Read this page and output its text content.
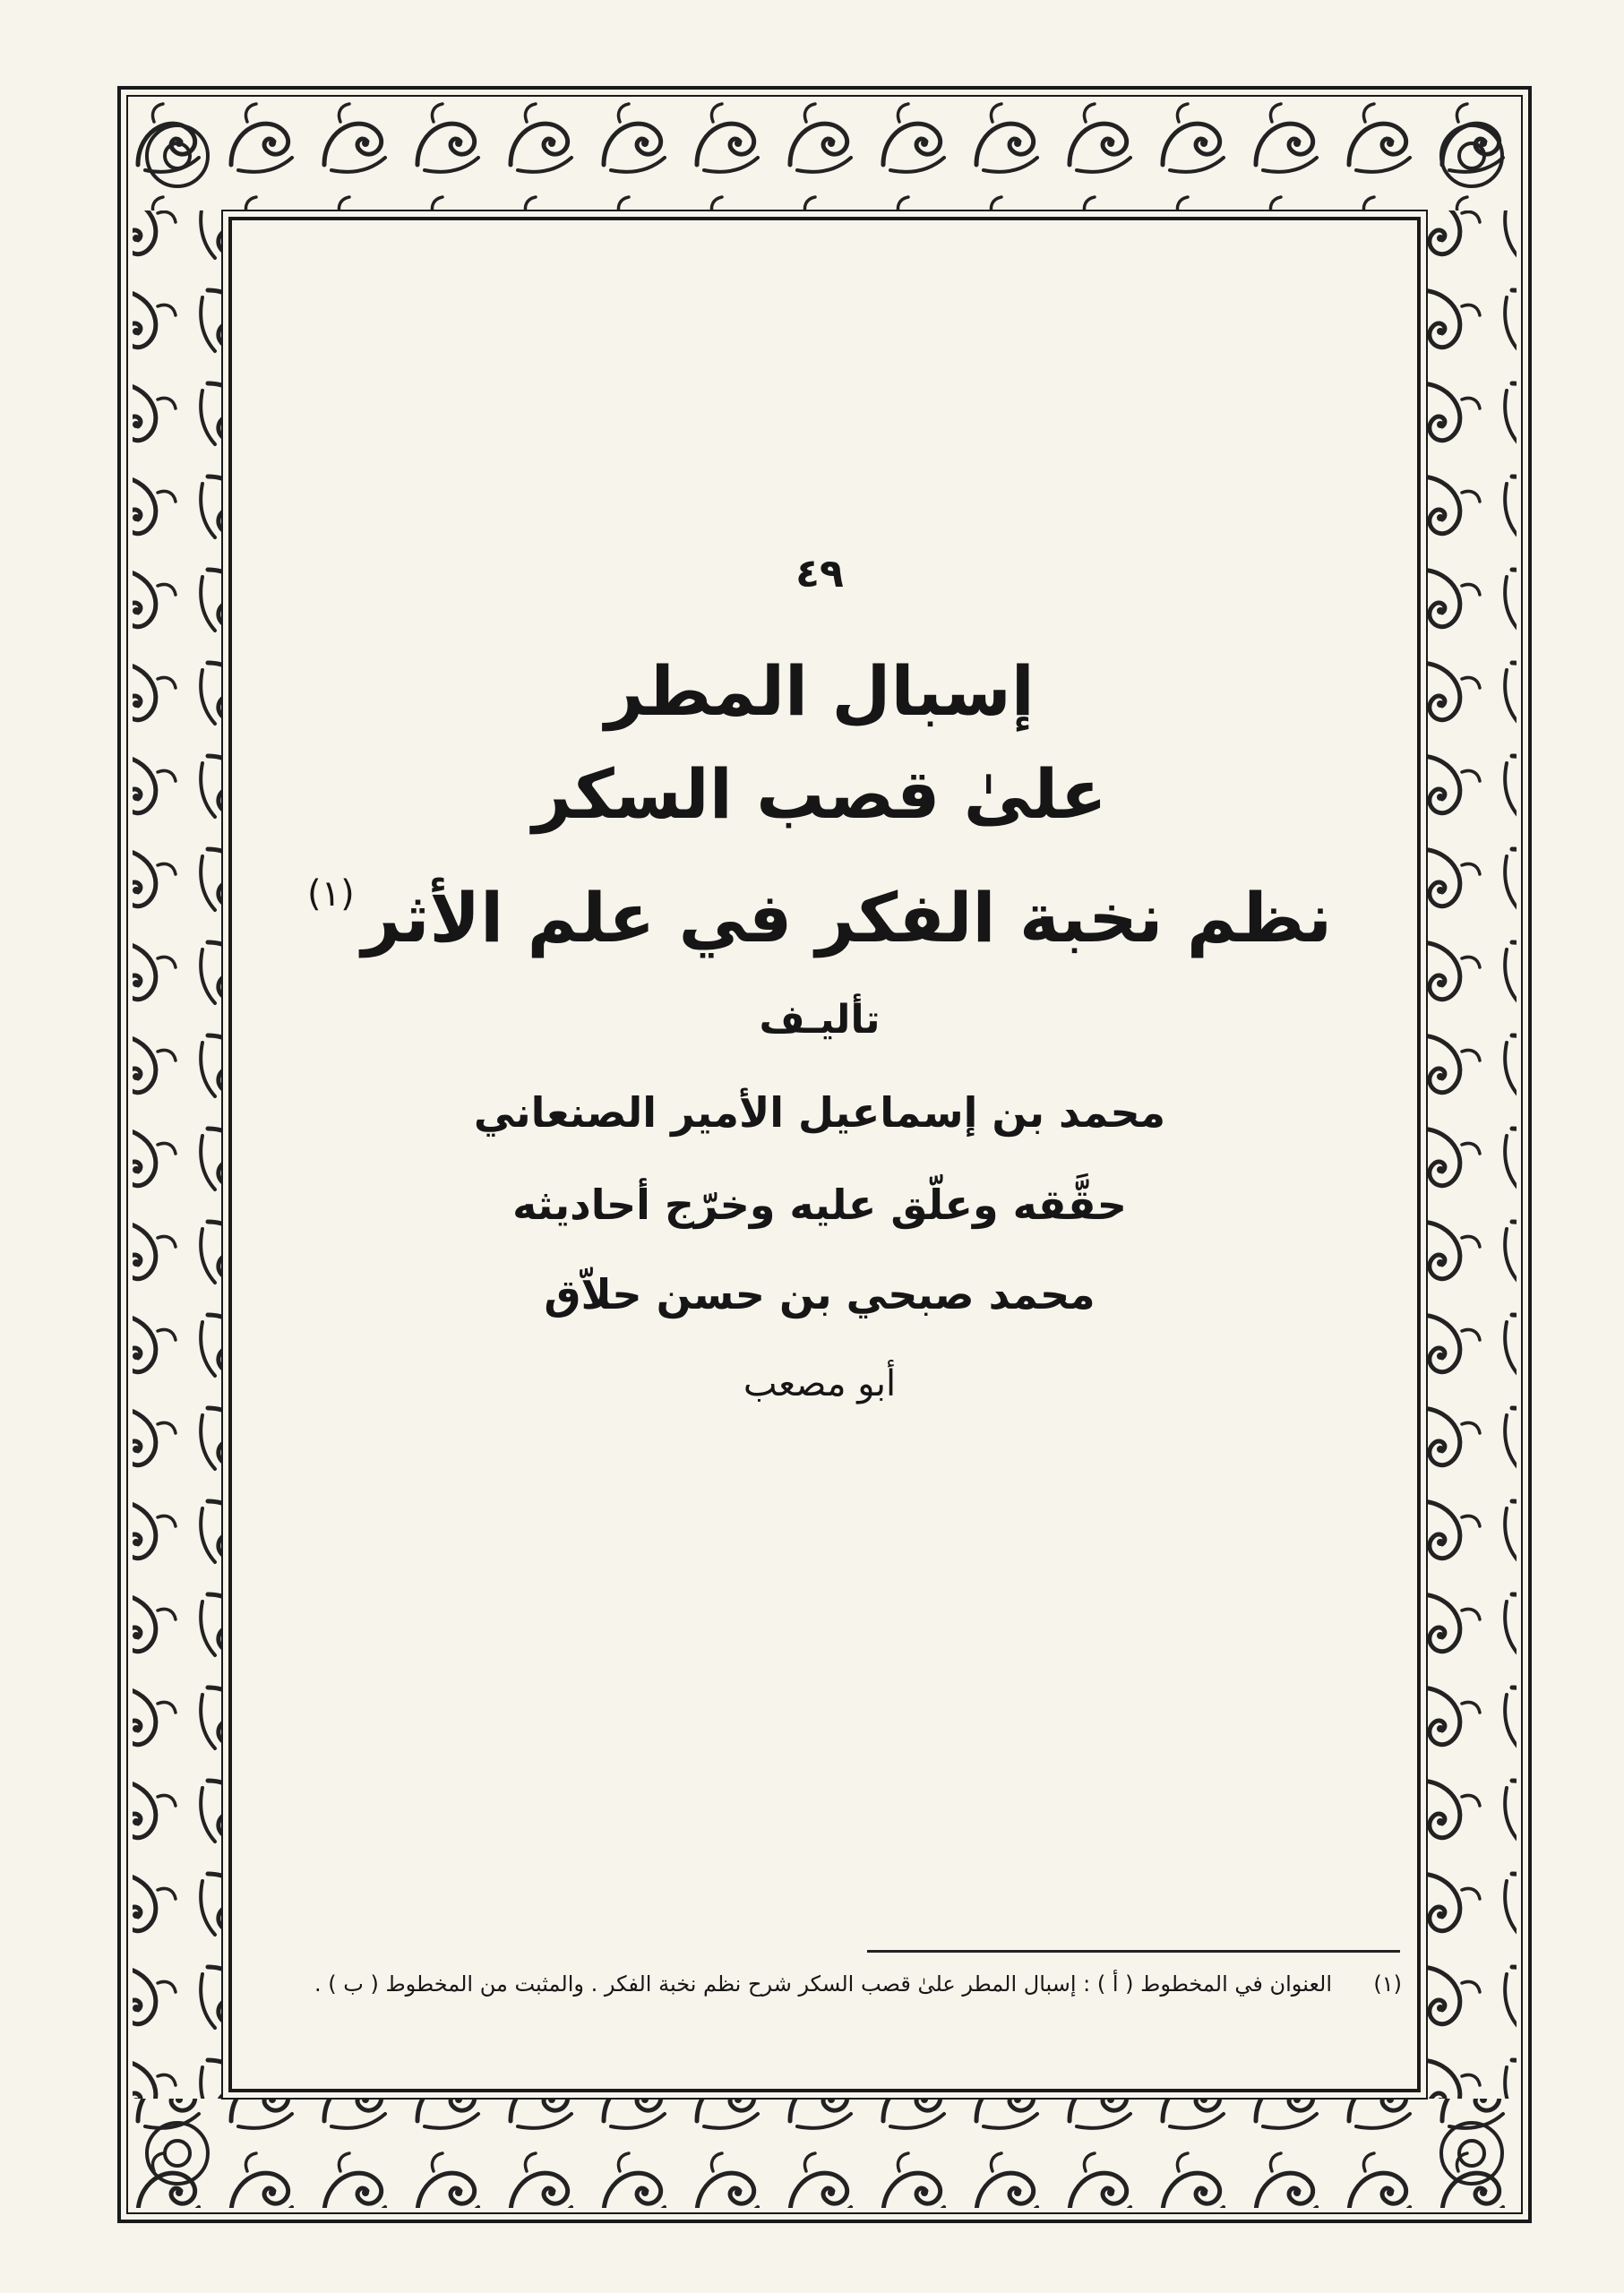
٤٩
إسبال المطر
علىٰ قصب السكر
نظم نخبة الفكر في علم الأثر$^{(١)}$
تأليـف
محمد بن إسماعيل الأمير الصنعاني
حقَّقه وعلّق عليه وخرّج أحاديثه
محمد صبحي بن حسن حلاّق
أبو مصعب
(١)
العنوان في المخطوط ( أ ) : إسبال المطر علىٰ قصب السكر شرح نظم نخبة الفكر . والمثبت من المخطوط ( ب ) .
